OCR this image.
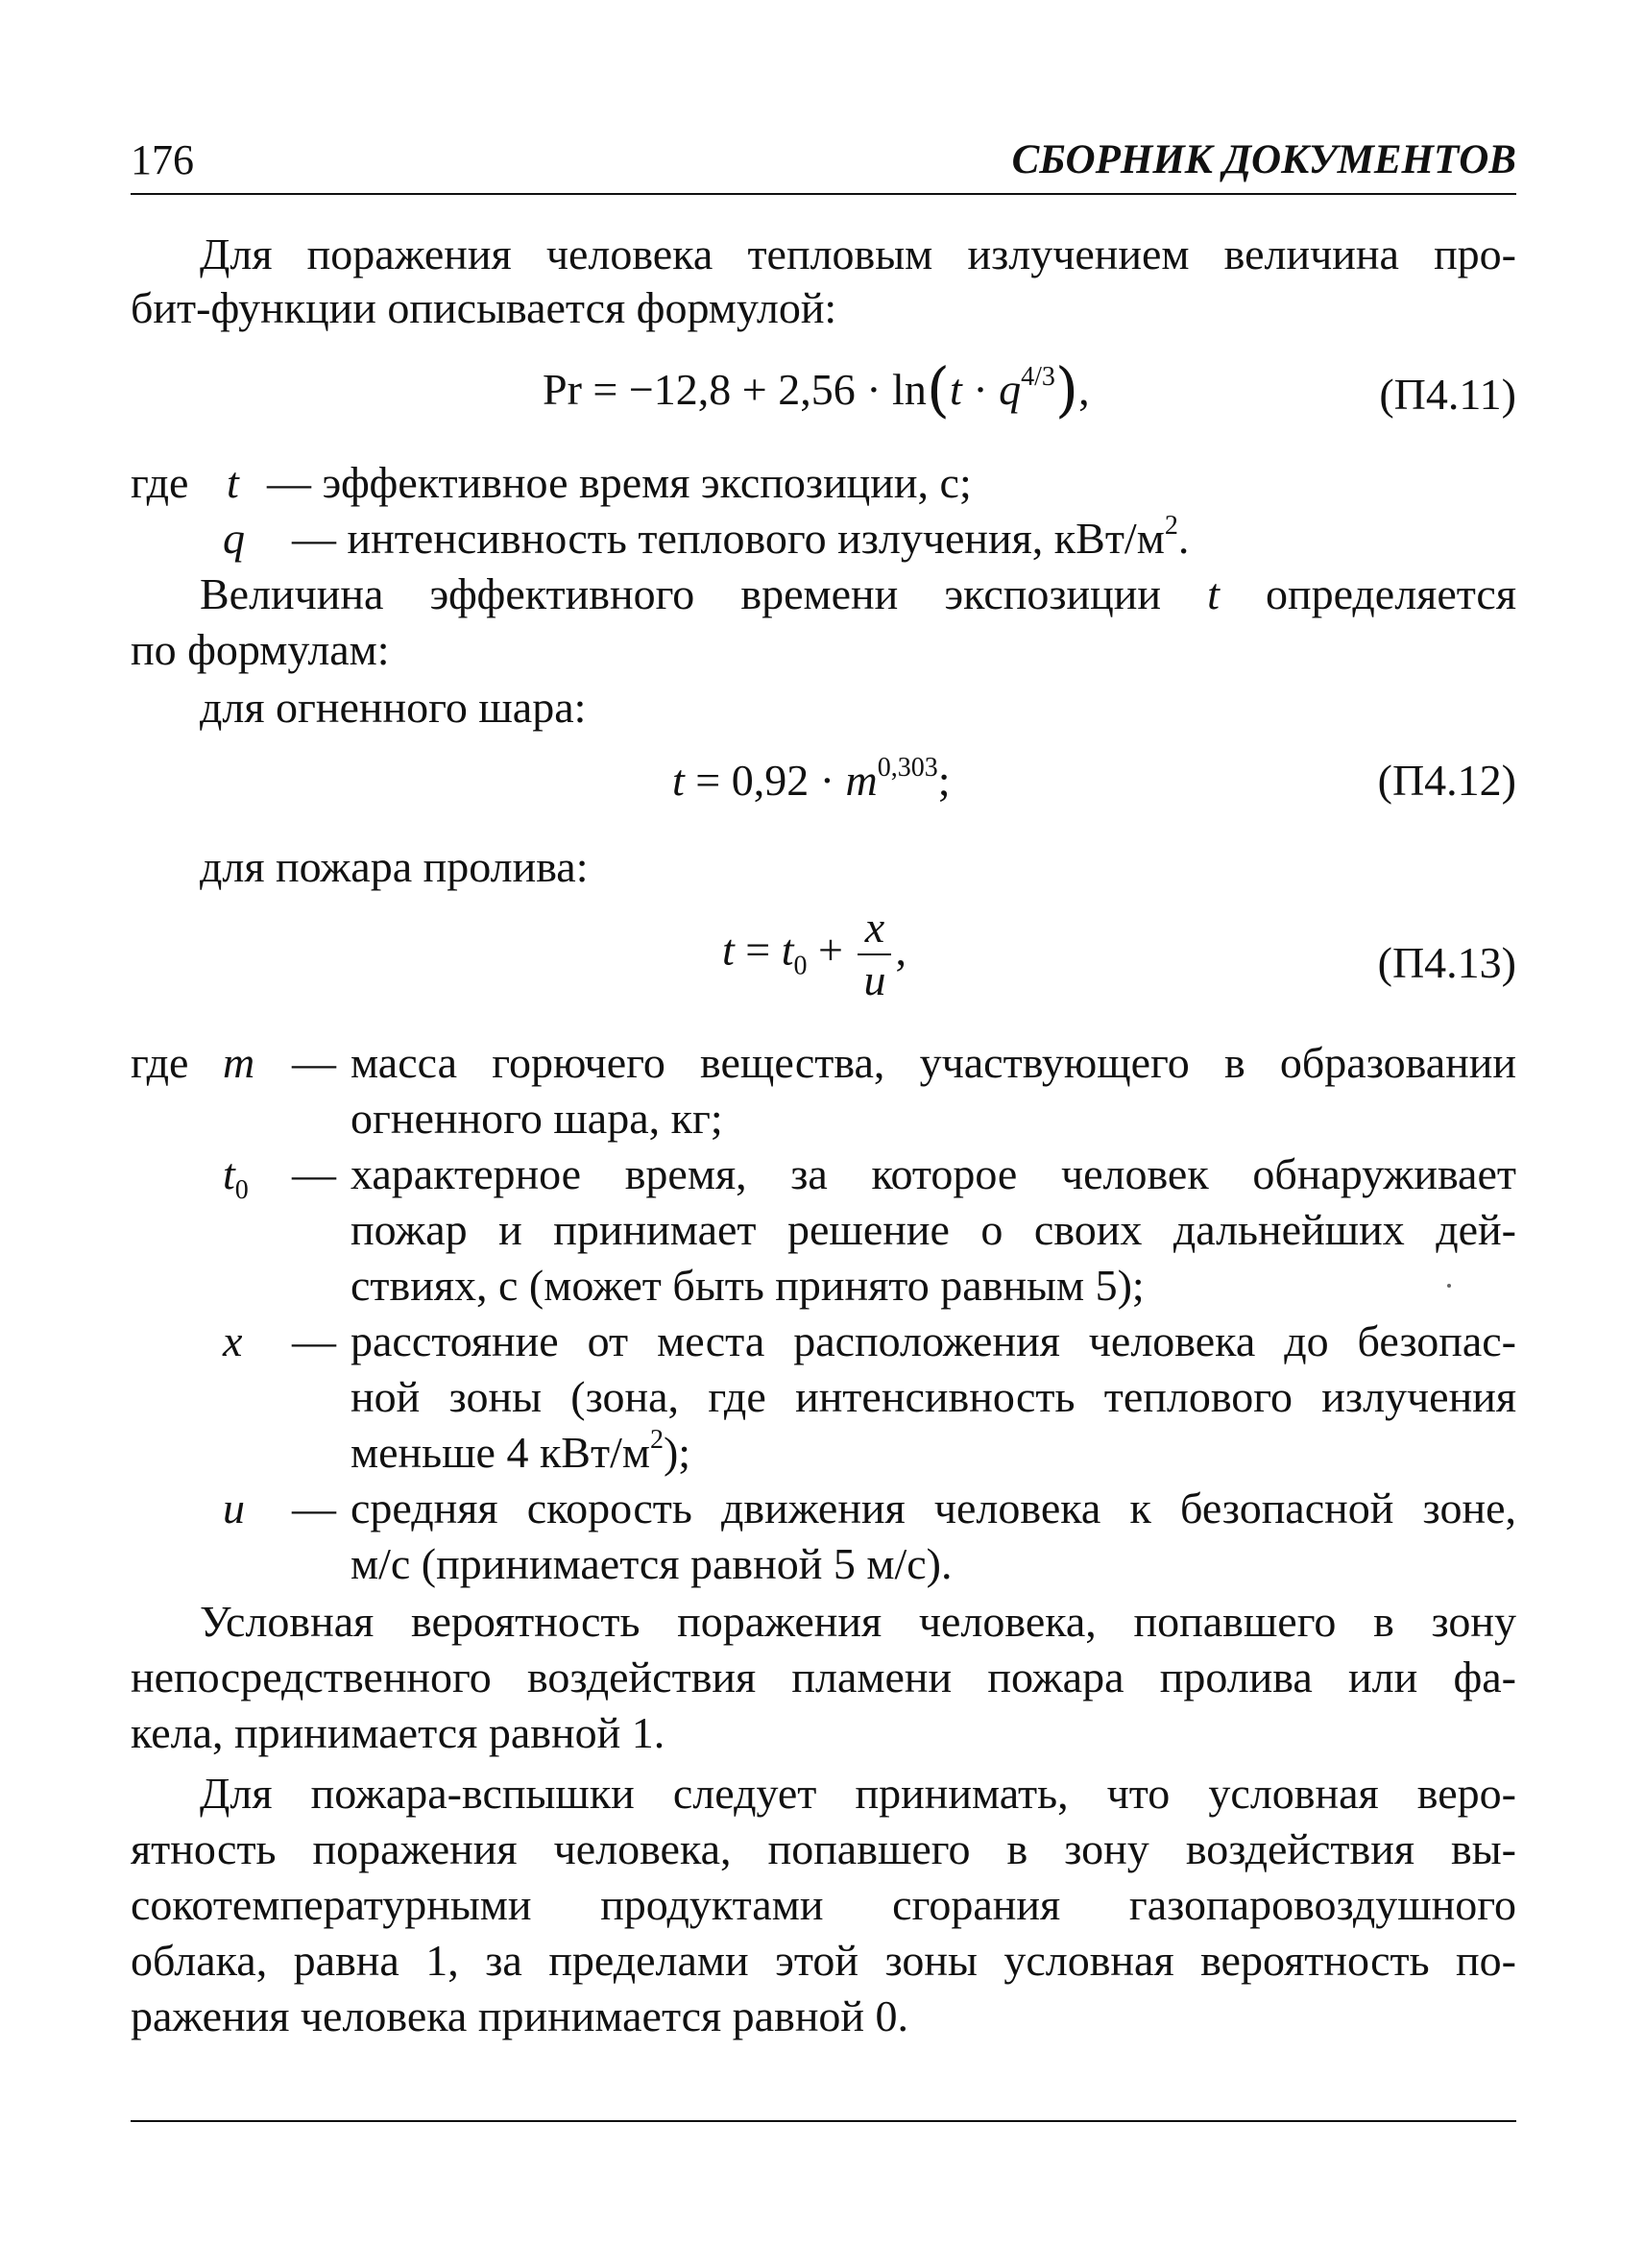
176	СБОРНИК ДОКУМЕНТОВ
Для поражения человека тепловым излучением величина про-
бит-функции описывается формулой:
$Pr = -12,8 + 2,56 \cdot \ln(t \cdot q^{4/3})$,	(П4.11)
где t — эффективное время экспозиции, с;
q — интенсивность теплового излучения, кВт/$м^2$.
Величина эффективного времени экспозиции t определяется
по формулам:
для огненного шара:
$t = 0,92 \cdot m^{0,303}$;	(П4.12)
для пожара пролива:
$t = t_0 + \frac{x}{u}$ ,	(П4.13)
где m — масса горючего вещества, участвующего в образовании
огненного шара, кг;
$t_0$ — характерное время, за которое человек обнаруживает
пожар и принимает решение о своих дальнейших дей-
ствиях, с (может быть принято равным 5);
x — расстояние от места расположения человека до безопас-
ной зоны (зона, где интенсивность теплового излучения
меньше 4 кВт/$м^2$);
u — средняя скорость движения человека к безопасной зоне,
м/с (принимается равной 5 м/с).
Условная вероятность поражения человека, попавшего в зону
непосредственного воздействия пламени пожара пролива или фа-
кела, принимается равной 1.
Для пожара-вспышки следует принимать, что условная веро-
ятность поражения человека, попавшего в зону воздействия вы-
сокотемпературными продуктами сгорания газопаровоздушного
облака, равна 1, за пределами этой зоны условная вероятность по-
ражения человека принимается равной 0.
